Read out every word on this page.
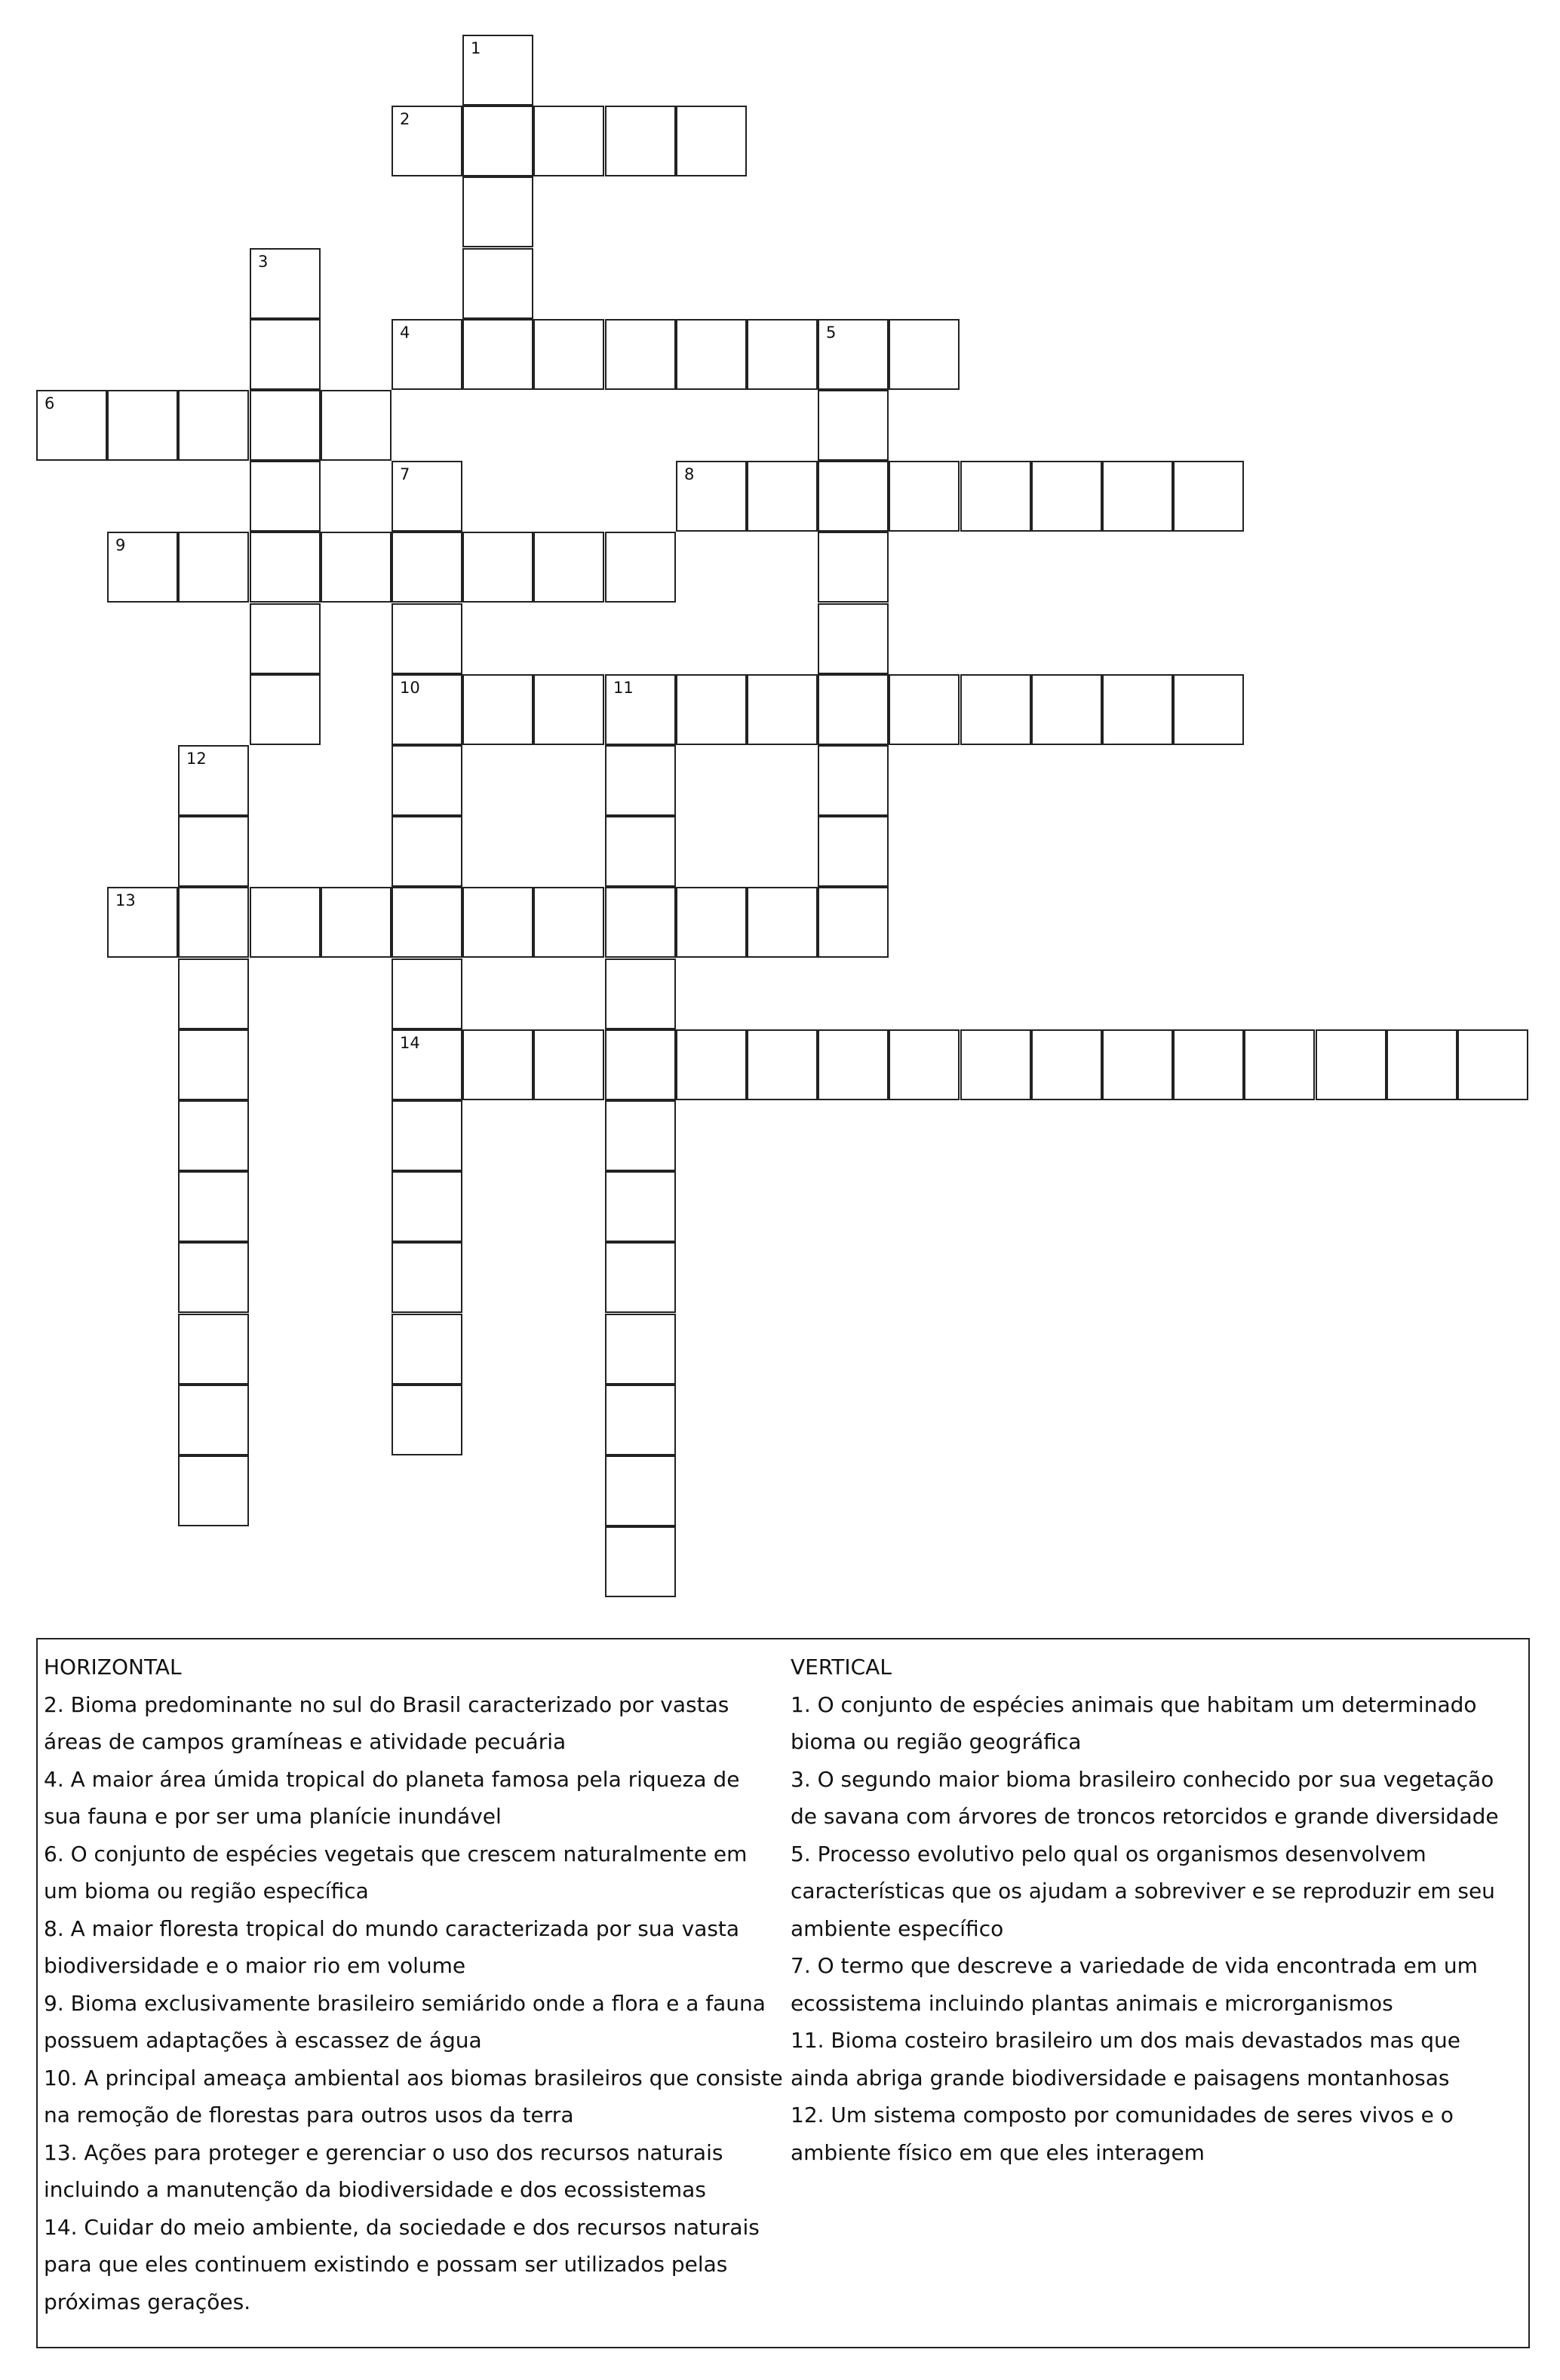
1
2
3
4	5
6
7
10
14
8
9
11
12
13
HORIZONTAL
2. Bioma predominante no sul do Brasil caracterizado por vastas áreas de campos gramíneas e atividade pecuária
4. A maior área úmida tropical do planeta famosa pela riqueza de sua fauna e por ser uma planície inundável
6. O conjunto de espécies vegetais que crescem naturalmente em um bioma ou região específica
8. A maior floresta tropical do mundo caracterizada por sua vasta biodiversidade e o maior rio em volume
9. Bioma exclusivamente brasileiro semiárido onde a flora e a fauna possuem adaptações à escassez de água
10. A principal ameaça ambiental aos biomas brasileiros que consiste na remoção de florestas para outros usos da terra
13. Ações para proteger e gerenciar o uso dos recursos naturais incluindo a manutenção da biodiversidade e dos ecossistemas
14. Cuidar do meio ambiente, da sociedade e dos recursos naturais para que eles continuem existindo e possam ser utilizados pelas próximas gerações.
VERTICAL
1. O conjunto de espécies animais que habitam um determinado bioma ou região geográfica
3. O segundo maior bioma brasileiro conhecido por sua vegetação de savana com árvores de troncos retorcidos e grande diversidade
5. Processo evolutivo pelo qual os organismos desenvolvem características que os ajudam a sobreviver e se reproduzir em seu ambiente específico
7. O termo que descreve a variedade de vida encontrada em um ecossistema incluindo plantas animais e microrganismos
11. Bioma costeiro brasileiro um dos mais devastados mas que ainda abriga grande biodiversidade e paisagens montanhosas
12. Um sistema composto por comunidades de seres vivos e o ambiente físico em que eles interagem
